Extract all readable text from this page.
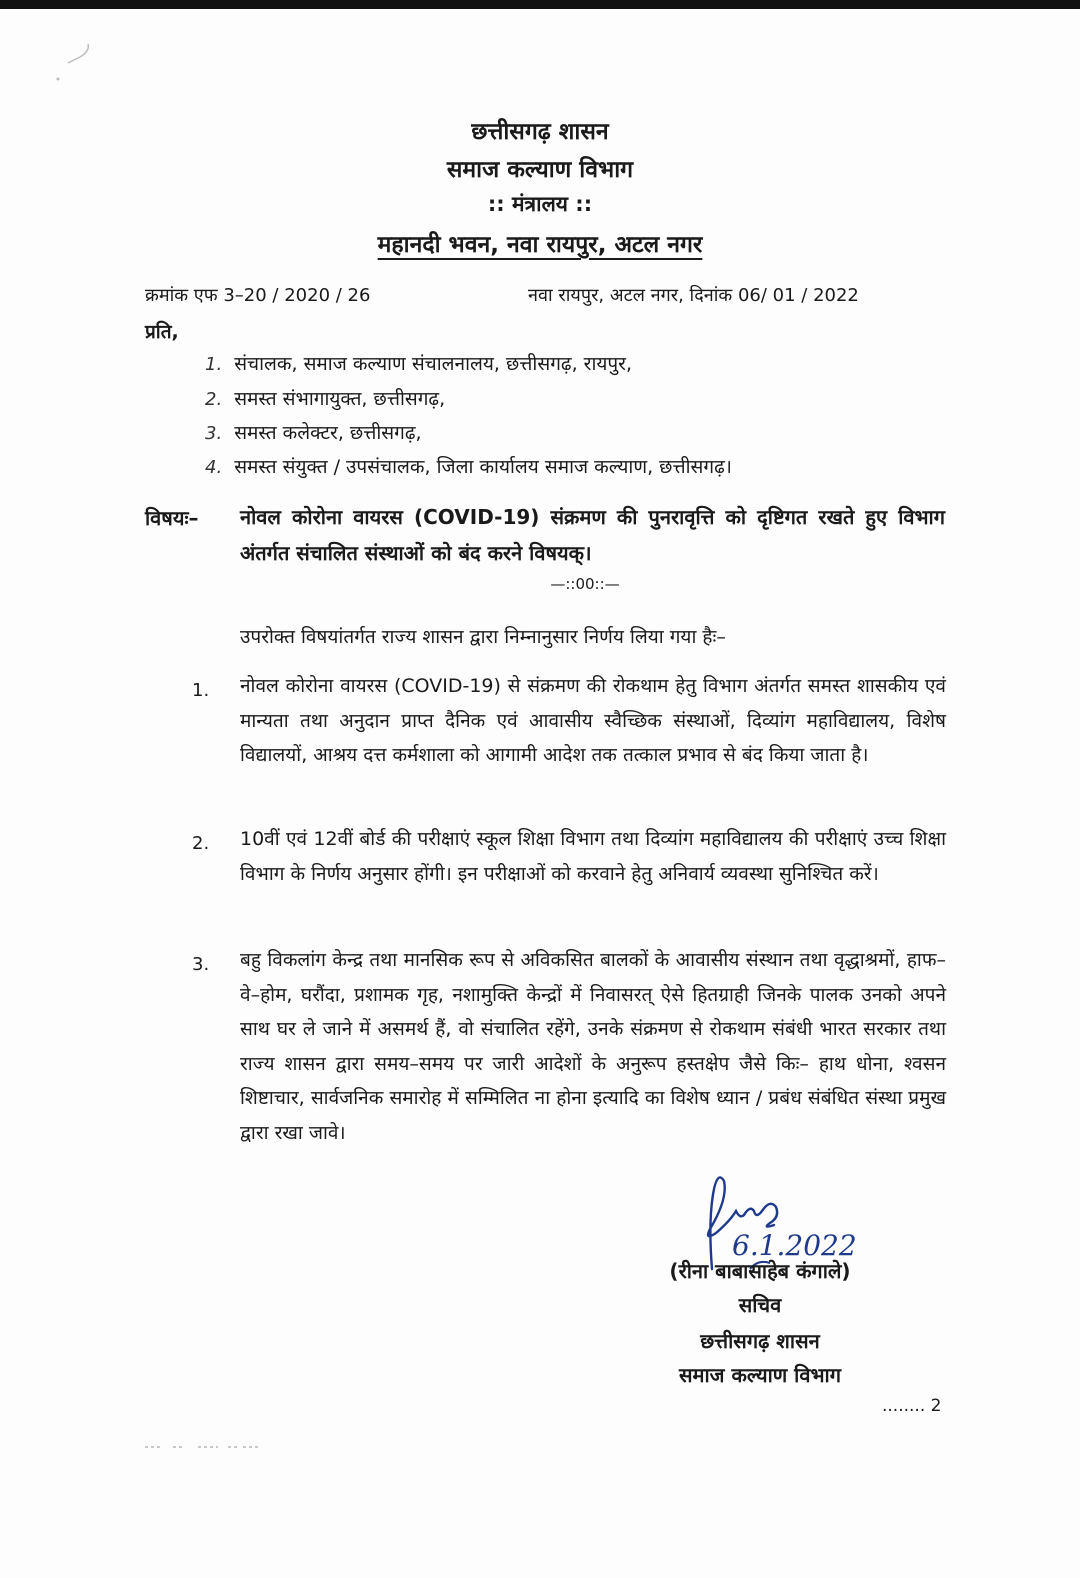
छत्तीसगढ़ शासन
समाज कल्याण विभाग
:: मंत्रालय ::
महानदी भवन, नवा रायपुर, अटल नगर
क्रमांक एफ 3–20 / 2020 / 26	नवा रायपुर, अटल नगर, दिनांक 06/ 01 / 2022
प्रति,
1. संचालक, समाज कल्याण संचालनालय, छत्तीसगढ़, रायपुर,
2. समस्त संभागायुक्त, छत्तीसगढ़,
3. समस्त कलेक्टर, छत्तीसगढ़,
4. समस्त संयुक्त / उपसंचालक, जिला कार्यालय समाज कल्याण, छत्तीसगढ़।
विषयः– नोवल कोरोना वायरस (COVID-19) संक्रमण की पुनरावृत्ति को दृष्टिगत रखते हुए विभाग अंतर्गत संचालित संस्थाओं को बंद करने विषयक्।
—::00::—
उपरोक्त विषयांतर्गत राज्य शासन द्वारा निम्नानुसार निर्णय लिया गया हैः–
1. नोवल कोरोना वायरस (COVID-19) से संक्रमण की रोकथाम हेतु विभाग अंतर्गत समस्त शासकीय एवं मान्यता तथा अनुदान प्राप्त दैनिक एवं आवासीय स्वैच्छिक संस्थाओं, दिव्यांग महाविद्यालय, विशेष विद्यालयों, आश्रय दत्त कर्मशाला को आगामी आदेश तक तत्काल प्रभाव से बंद किया जाता है।
2. 10वीं एवं 12वीं बोर्ड की परीक्षाएं स्कूल शिक्षा विभाग तथा दिव्यांग महाविद्यालय की परीक्षाएं उच्च शिक्षा विभाग के निर्णय अनुसार होंगी। इन परीक्षाओं को करवाने हेतु अनिवार्य व्यवस्था सुनिश्चित करें।
3. बहु विकलांग केन्द्र तथा मानसिक रूप से अविकसित बालकों के आवासीय संस्थान तथा वृद्धाश्रमों, हाफ–वे–होम, घरौंदा, प्रशामक गृह, नशामुक्ति केन्द्रों में निवासरत् ऐसे हितग्राही जिनके पालक उनको अपने साथ घर ले जाने में असमर्थ हैं, वो संचालित रहेंगे, उनके संक्रमण से रोकथाम संबंधी भारत सरकार तथा राज्य शासन द्वारा समय–समय पर जारी आदेशों के अनुरूप हस्तक्षेप जैसे किः– हाथ धोना, श्वसन शिष्टाचार, सार्वजनिक समारोह में सम्मिलित ना होना इत्यादि का विशेष ध्यान / प्रबंध संबंधित संस्था प्रमुख द्वारा रखा जावे।
6.1.2022
(रीना बाबासाहेब कंगाले)
सचिव
छत्तीसगढ़ शासन
समाज कल्याण विभाग
........ 2
